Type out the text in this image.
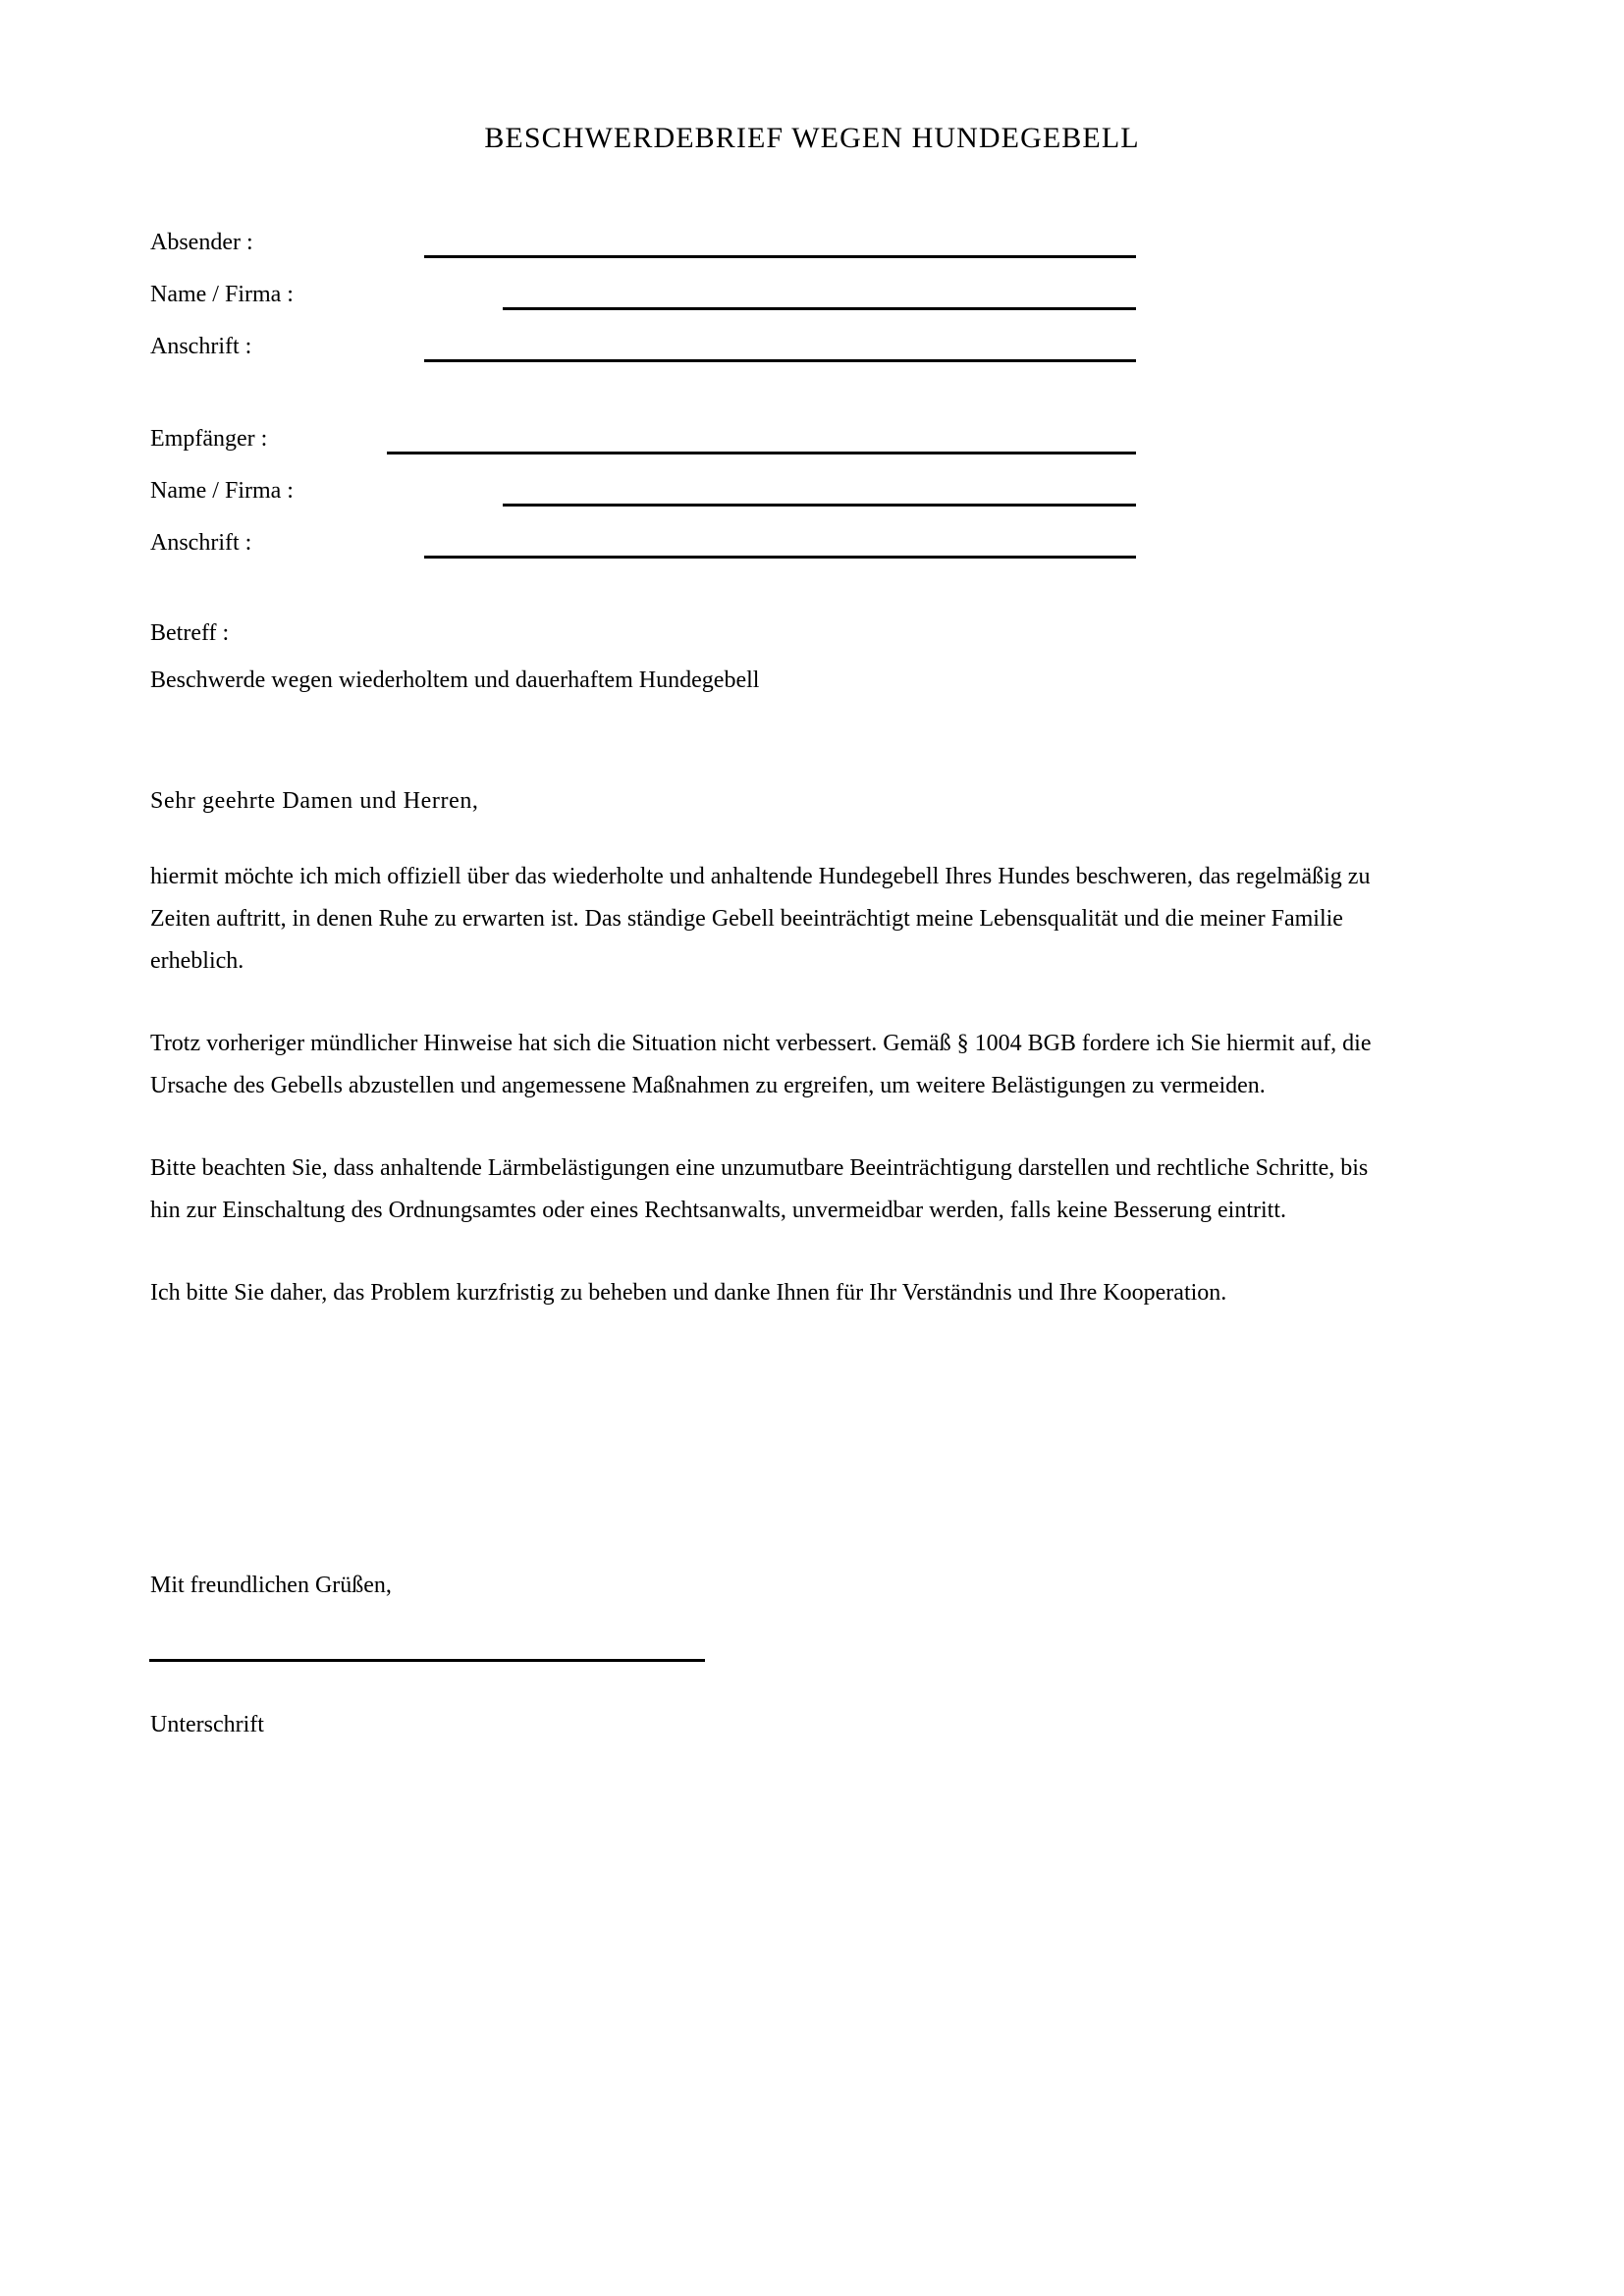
BESCHWERDEBRIEF WEGEN HUNDEGEBELL
Absender :
Name / Firma :
Anschrift :
Empfänger :
Name / Firma :
Anschrift :
Betreff :
Beschwerde wegen wiederholtem und dauerhaftem Hundegebell
Sehr geehrte Damen und Herren,

hiermit möchte ich mich offiziell über das wiederholte und anhaltende Hundegebell Ihres Hundes beschweren, das regelmäßig zu Zeiten auftritt, in denen Ruhe zu erwarten ist. Das ständige Gebell beeinträchtigt meine Lebensqualität und die meiner Familie erheblich.

Trotz vorheriger mündlicher Hinweise hat sich die Situation nicht verbessert. Gemäß § 1004 BGB fordere ich Sie hiermit auf, die Ursache des Gebells abzustellen und angemessene Maßnahmen zu ergreifen, um weitere Belästigungen zu vermeiden.

Bitte beachten Sie, dass anhaltende Lärmbelästigungen eine unzumutbare Beeinträchtigung darstellen und rechtliche Schritte, bis hin zur Einschaltung des Ordnungsamtes oder eines Rechtsanwalts, unvermeidbar werden, falls keine Besserung eintritt.

Ich bitte Sie daher, das Problem kurzfristig zu beheben und danke Ihnen für Ihr Verständnis und Ihre Kooperation.

Mit freundlichen Grüßen,
Unterschrift
